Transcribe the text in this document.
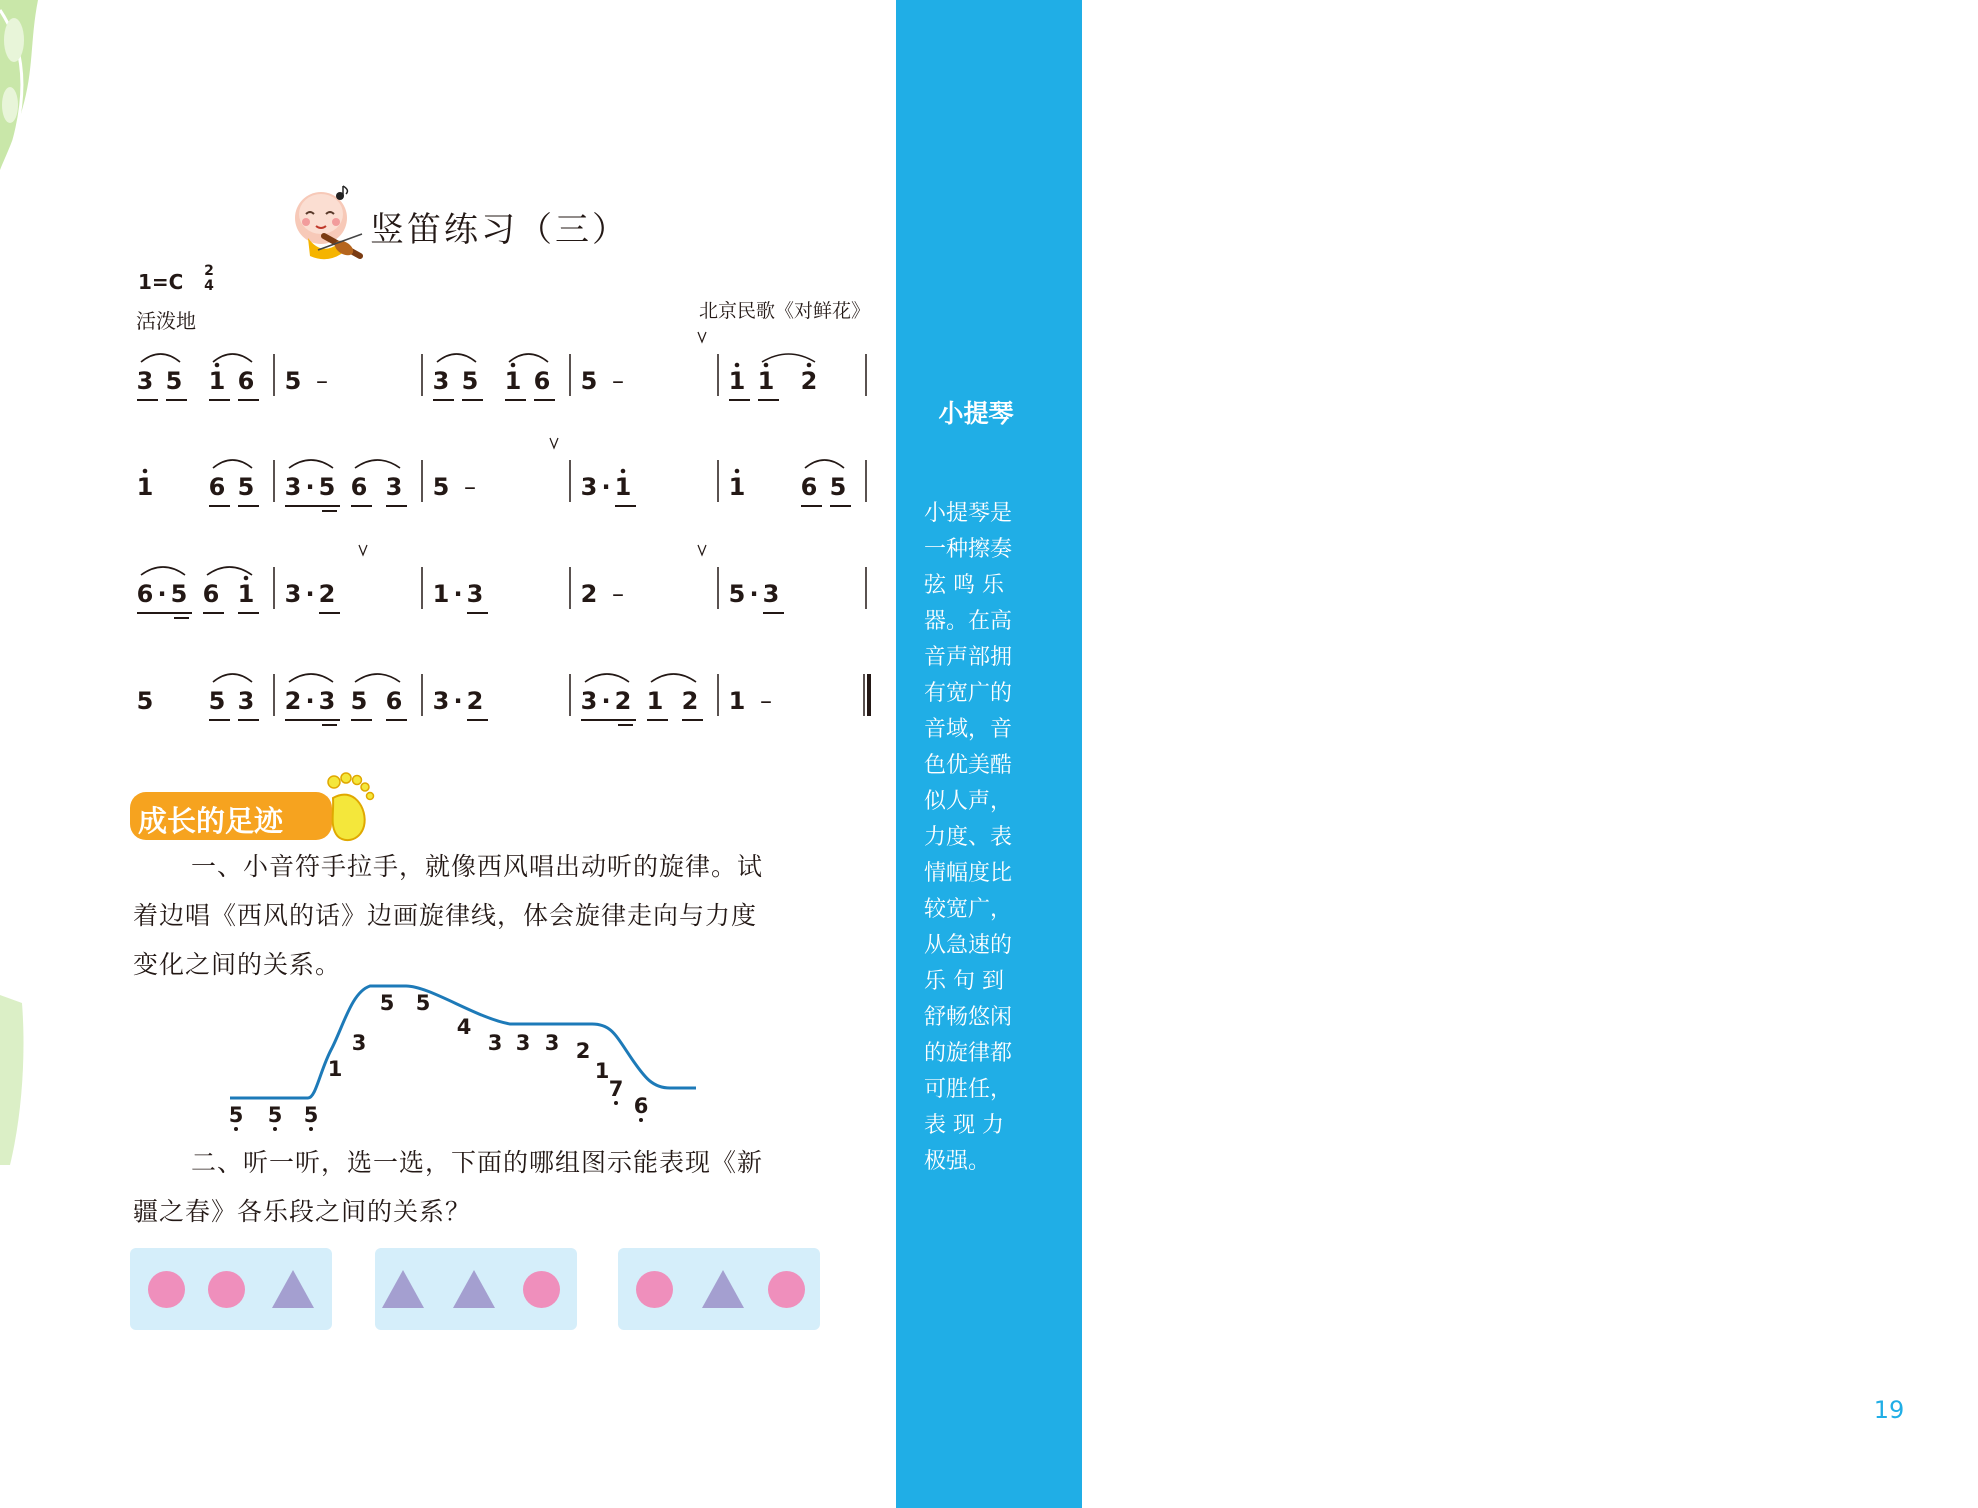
小提琴
小提琴是
一种擦奏
弦 鸣 乐
器。在高
音声部拥
有宽广的
音域，音
色优美酷
似人声，
力度、表
情幅度比
较宽广，
从急速的
乐 句 到
舒畅悠闲
的旋律都
可胜任，
表 现 力
极强。
19
竖笛练习（三）
1=C 2
4
活泼地	北京民歌《对鲜花》
3 5 1 6 5 –	3 5 1 6 5 –	1 1 2
1 6 5 3 · 5 6 3 5 –	3 · 1	1 6 5
6 · 5 6 1 3 · 2	1 · 3	2 –	5 · 3
5 5 3 2 · 3 5 6 3 · 2	3 · 2 1 2 1 –
成长的足迹
一、小音符手拉手，就像西风唱出动听的旋律。试
着边唱《西风的话》边画旋律线，体会旋律走向与力度
变化之间的关系。
5 5 5
1
3
5 5
4
3 3 3 2
1
7
6
二、听一听，选一选，下面的哪组图示能表现《新
疆之春》各乐段之间的关系？
